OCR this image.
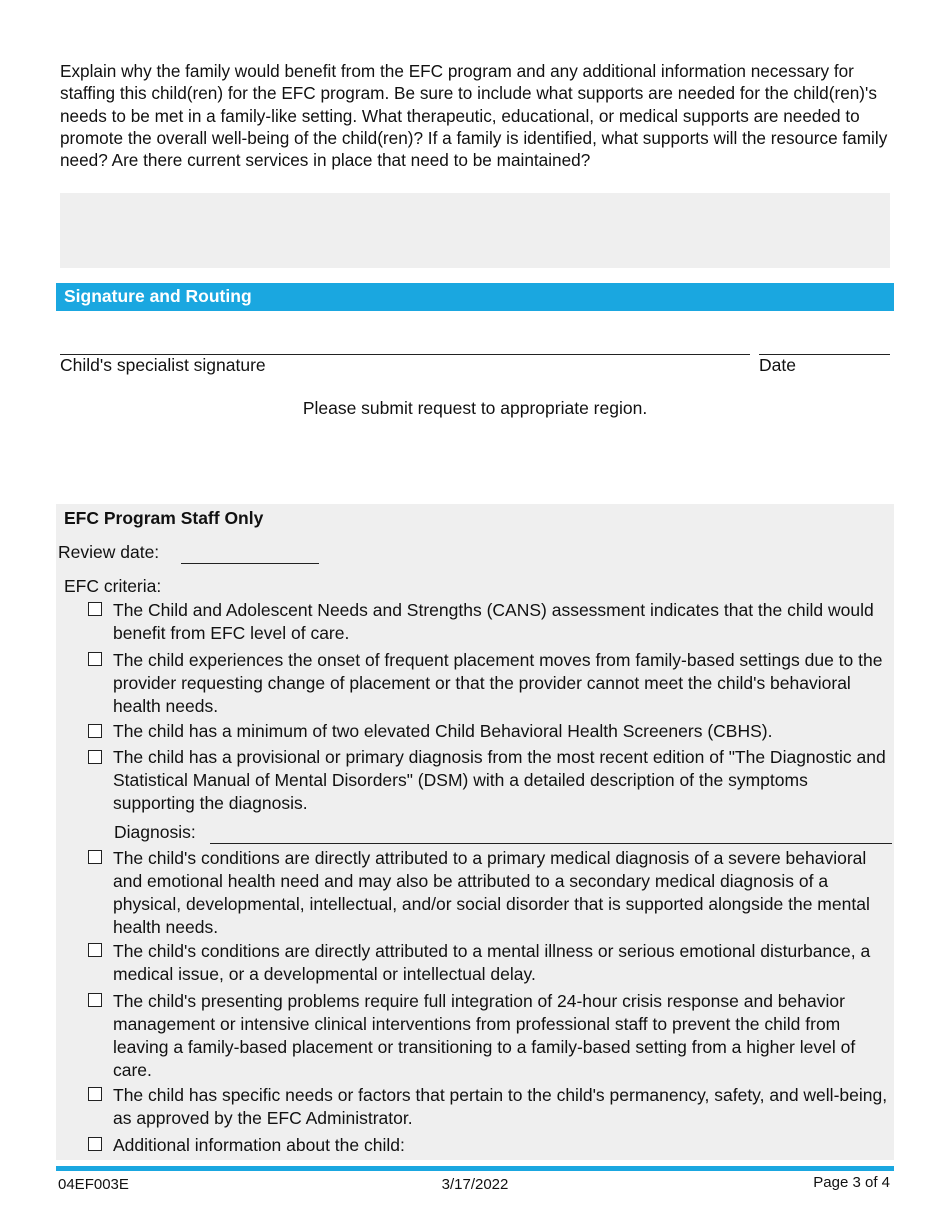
Explain why the family would benefit from the EFC program and any additional information necessary for staffing this child(ren) for the EFC program. Be sure to include what supports are needed for the child(ren)'s needs to be met in a family-like setting. What therapeutic, educational, or medical supports are needed to promote the overall well-being of the child(ren)? If a family is identified, what supports will the resource family need? Are there current services in place that need to be maintained?

Signature and Routing
Child's specialist signature	Date
Please submit request to appropriate region.
EFC Program Staff Only
Review date:
EFC criteria:
The Child and Adolescent Needs and Strengths (CANS) assessment indicates that the child would benefit from EFC level of care.
The child experiences the onset of frequent placement moves from family-based settings due to the provider requesting change of placement or that the provider cannot meet the child's behavioral health needs.
The child has a minimum of two elevated Child Behavioral Health Screeners (CBHS).
The child has a provisional or primary diagnosis from the most recent edition of "The Diagnostic and Statistical Manual of Mental Disorders" (DSM) with a detailed description of the symptoms supporting the diagnosis.
Diagnosis:
The child's conditions are directly attributed to a primary medical diagnosis of a severe behavioral and emotional health need and may also be attributed to a secondary medical diagnosis of a physical, developmental, intellectual, and/or social disorder that is supported alongside the mental health needs.
The child's conditions are directly attributed to a mental illness or serious emotional disturbance, a medical issue, or a developmental or intellectual delay.
The child's presenting problems require full integration of 24-hour crisis response and behavior management or intensive clinical interventions from professional staff to prevent the child from leaving a family-based placement or transitioning to a family-based setting from a higher level of care.
The child has specific needs or factors that pertain to the child's permanency, safety, and well-being, as approved by the EFC Administrator.
Additional information about the child:
04EF003E	3/17/2022	Page 3 of 4
